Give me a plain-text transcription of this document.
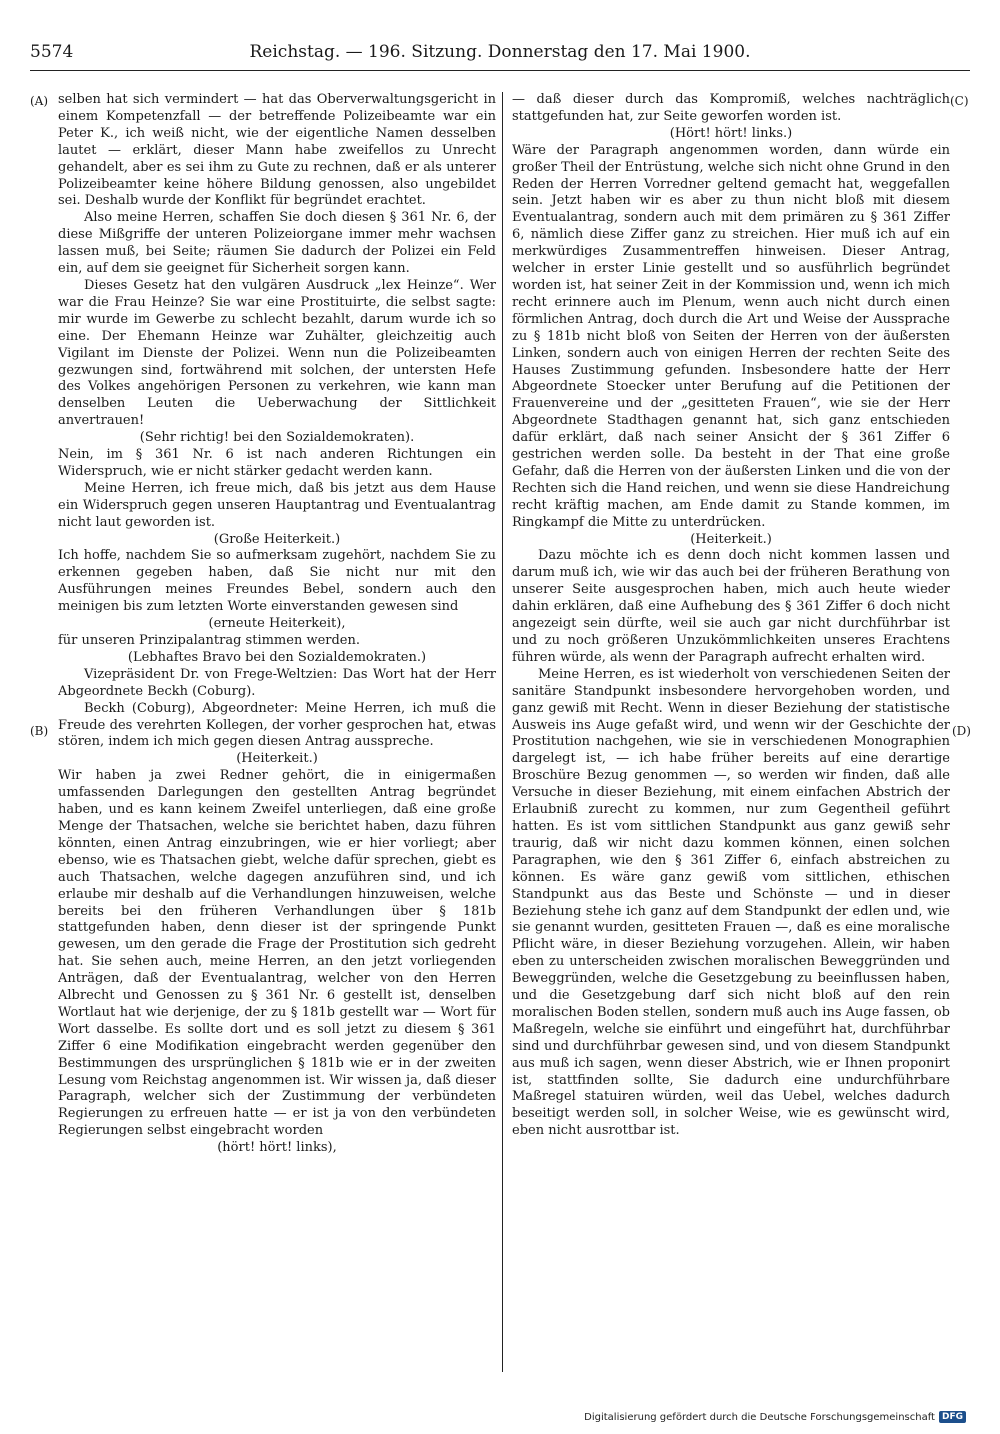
5574	Reichstag. — 196. Sitzung. Donnerstag den 17. Mai 1900.
(A)
(B)
(C)
(D)

selben hat sich vermindert — hat das Oberverwaltungsgericht in einem Kompetenzfall — der betreffende Polizeibeamte war ein Peter K., ich weiß nicht, wie der eigentliche Namen desselben lautet — erklärt, dieser Mann habe zweifellos zu Unrecht gehandelt, aber es sei ihm zu Gute zu rechnen, daß er als unterer Polizeibeamter keine höhere Bildung genossen, also ungebildet sei. Deshalb wurde der Konflikt für begründet erachtet.

Also meine Herren, schaffen Sie doch diesen § 361 Nr. 6, der diese Mißgriffe der unteren Polizeiorgane immer mehr wachsen lassen muß, bei Seite; räumen Sie dadurch der Polizei ein Feld ein, auf dem sie geeignet für Sicherheit sorgen kann.

Dieses Gesetz hat den vulgären Ausdruck „lex Heinze“. Wer war die Frau Heinze? Sie war eine Prostituirte, die selbst sagte: mir wurde im Gewerbe zu schlecht bezahlt, darum wurde ich so eine. Der Ehemann Heinze war Zuhälter, gleichzeitig auch Vigilant im Dienste der Polizei. Wenn nun die Polizeibeamten gezwungen sind, fortwährend mit solchen, der untersten Hefe des Volkes angehörigen Personen zu verkehren, wie kann man denselben Leuten die Ueberwachung der Sittlichkeit anvertrauen!

(Sehr richtig! bei den Sozialdemokraten).

Nein, im § 361 Nr. 6 ist nach anderen Richtungen ein Widerspruch, wie er nicht stärker gedacht werden kann.

Meine Herren, ich freue mich, daß bis jetzt aus dem Hause ein Widerspruch gegen unseren Hauptantrag und Eventualantrag nicht laut geworden ist.

(Große Heiterkeit.)

Ich hoffe, nachdem Sie so aufmerksam zugehört, nachdem Sie zu erkennen gegeben haben, daß Sie nicht nur mit den Ausführungen meines Freundes Bebel, sondern auch den meinigen bis zum letzten Worte einverstanden gewesen sind

(erneute Heiterkeit),

für unseren Prinzipalantrag stimmen werden.

(Lebhaftes Bravo bei den Sozialdemokraten.)

Vizepräsident Dr. von Frege-Weltzien: Das Wort hat der Herr Abgeordnete Beckh (Coburg).

Beckh (Coburg), Abgeordneter: Meine Herren, ich muß die Freude des verehrten Kollegen, der vorher gesprochen hat, etwas stören, indem ich mich gegen diesen Antrag ausspreche.

(Heiterkeit.)

Wir haben ja zwei Redner gehört, die in einigermaßen umfassenden Darlegungen den gestellten Antrag begründet haben, und es kann keinem Zweifel unterliegen, daß eine große Menge der Thatsachen, welche sie berichtet haben, dazu führen könnten, einen Antrag einzubringen, wie er hier vorliegt; aber ebenso, wie es Thatsachen giebt, welche dafür sprechen, giebt es auch Thatsachen, welche dagegen anzuführen sind, und ich erlaube mir deshalb auf die Verhandlungen hinzuweisen, welche bereits bei den früheren Verhandlungen über § 181b stattgefunden haben, denn dieser ist der springende Punkt gewesen, um den gerade die Frage der Prostitution sich gedreht hat. Sie sehen auch, meine Herren, an den jetzt vorliegenden Anträgen, daß der Eventualantrag, welcher von den Herren Albrecht und Genossen zu § 361 Nr. 6 gestellt ist, denselben Wortlaut hat wie derjenige, der zu § 181b gestellt war — Wort für Wort dasselbe. Es sollte dort und es soll jetzt zu diesem § 361 Ziffer 6 eine Modifikation eingebracht werden gegenüber den Bestimmungen des ursprünglichen § 181b wie er in der zweiten Lesung vom Reichstag angenommen ist. Wir wissen ja, daß dieser Paragraph, welcher sich der Zustimmung der verbündeten Regierungen zu erfreuen hatte — er ist ja von den verbündeten Regierungen selbst eingebracht worden

(hört! hört! links),

— daß dieser durch das Kompromiß, welches nachträglich stattgefunden hat, zur Seite geworfen worden ist.

(Hört! hört! links.)

Wäre der Paragraph angenommen worden, dann würde ein großer Theil der Entrüstung, welche sich nicht ohne Grund in den Reden der Herren Vorredner geltend gemacht hat, weggefallen sein. Jetzt haben wir es aber zu thun nicht bloß mit diesem Eventualantrag, sondern auch mit dem primären zu § 361 Ziffer 6, nämlich diese Ziffer ganz zu streichen. Hier muß ich auf ein merkwürdiges Zusammentreffen hinweisen. Dieser Antrag, welcher in erster Linie gestellt und so ausführlich begründet worden ist, hat seiner Zeit in der Kommission und, wenn ich mich recht erinnere auch im Plenum, wenn auch nicht durch einen förmlichen Antrag, doch durch die Art und Weise der Aussprache zu § 181b nicht bloß von Seiten der Herren von der äußersten Linken, sondern auch von einigen Herren der rechten Seite des Hauses Zustimmung gefunden. Insbesondere hatte der Herr Abgeordnete Stoecker unter Berufung auf die Petitionen der Frauenvereine und der „gesitteten Frauen“, wie sie der Herr Abgeordnete Stadthagen genannt hat, sich ganz entschieden dafür erklärt, daß nach seiner Ansicht der § 361 Ziffer 6 gestrichen werden solle. Da besteht in der That eine große Gefahr, daß die Herren von der äußersten Linken und die von der Rechten sich die Hand reichen, und wenn sie diese Handreichung recht kräftig machen, am Ende damit zu Stande kommen, im Ringkampf die Mitte zu unterdrücken.

(Heiterkeit.)

Dazu möchte ich es denn doch nicht kommen lassen und darum muß ich, wie wir das auch bei der früheren Berathung von unserer Seite ausgesprochen haben, mich auch heute wieder dahin erklären, daß eine Aufhebung des § 361 Ziffer 6 doch nicht angezeigt sein dürfte, weil sie auch gar nicht durchführbar ist und zu noch größeren Unzukömmlichkeiten unseres Erachtens führen würde, als wenn der Paragraph aufrecht erhalten wird.

Meine Herren, es ist wiederholt von verschiedenen Seiten der sanitäre Standpunkt insbesondere hervorgehoben worden, und ganz gewiß mit Recht. Wenn in dieser Beziehung der statistische Ausweis ins Auge gefaßt wird, und wenn wir der Geschichte der Prostitution nachgehen, wie sie in verschiedenen Monographien dargelegt ist, — ich habe früher bereits auf eine derartige Broschüre Bezug genommen —, so werden wir finden, daß alle Versuche in dieser Beziehung, mit einem einfachen Abstrich der Erlaubniß zurecht zu kommen, nur zum Gegentheil geführt hatten. Es ist vom sittlichen Standpunkt aus ganz gewiß sehr traurig, daß wir nicht dazu kommen können, einen solchen Paragraphen, wie den § 361 Ziffer 6, einfach abstreichen zu können. Es wäre ganz gewiß vom sittlichen, ethischen Standpunkt aus das Beste und Schönste — und in dieser Beziehung stehe ich ganz auf dem Standpunkt der edlen und, wie sie genannt wurden, gesitteten Frauen —, daß es eine moralische Pflicht wäre, in dieser Beziehung vorzugehen. Allein, wir haben eben zu unterscheiden zwischen moralischen Beweggründen und Beweggründen, welche die Gesetzgebung zu beeinflussen haben, und die Gesetzgebung darf sich nicht bloß auf den rein moralischen Boden stellen, sondern muß auch ins Auge fassen, ob Maßregeln, welche sie einführt und eingeführt hat, durchführbar sind und durchführbar gewesen sind, und von diesem Standpunkt aus muß ich sagen, wenn dieser Abstrich, wie er Ihnen proponirt ist, stattfinden sollte, Sie dadurch eine undurchführbare Maßregel statuiren würden, weil das Uebel, welches dadurch beseitigt werden soll, in solcher Weise, wie es gewünscht wird, eben nicht ausrottbar ist.

Digitalisierung gefördert durch die Deutsche Forschungsgemeinschaft DFG
